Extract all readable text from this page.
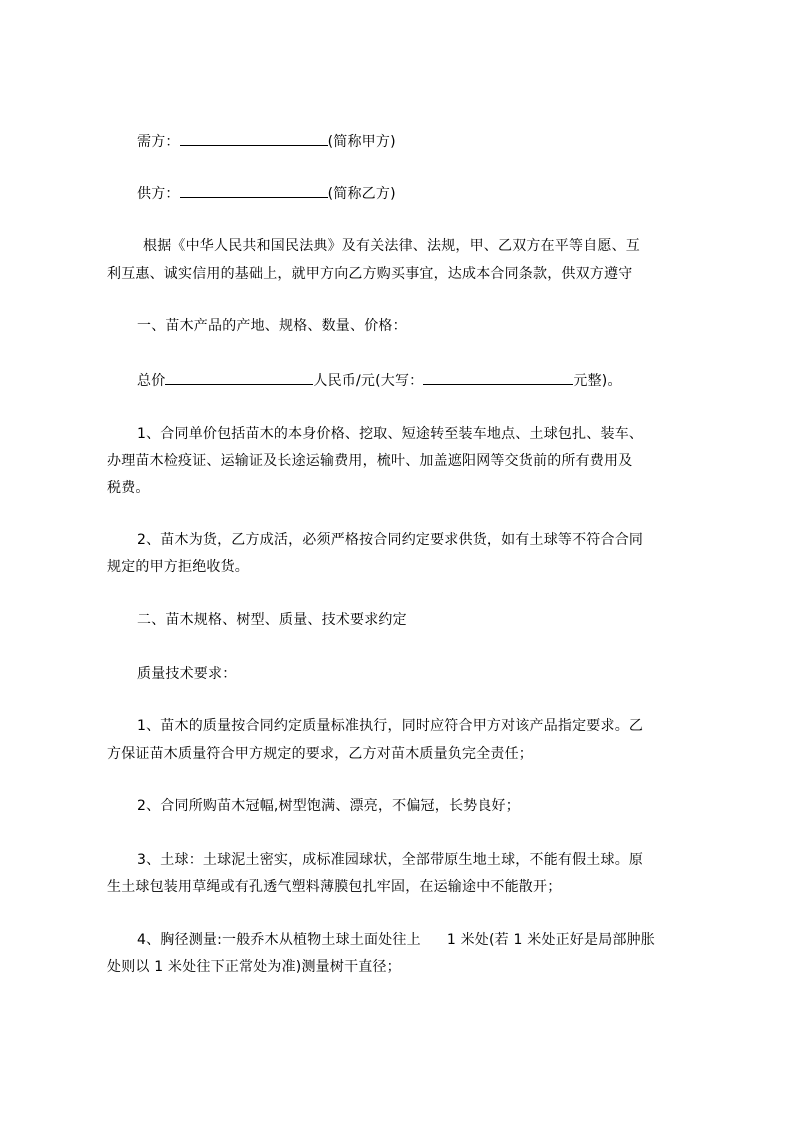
需方：	(简称甲方)
供方：	(简称乙方)
根据《中华人民共和国民法典》及有关法律、法规，甲、乙双方在平等自愿、互
利互惠、诚实信用的基础上，就甲方向乙方购买事宜，达成本合同条款，供双方遵守
一、苗木产品的产地、规格、数量、价格：
总价	人民币/元(大写：	元整)。
1、合同单价包括苗木的本身价格、挖取、短途转至装车地点、土球包扎、装车、
办理苗木检疫证、运输证及长途运输费用，梳叶、加盖遮阳网等交货前的所有费用及
税费。
2、苗木为货，乙方成活，必须严格按合同约定要求供货，如有土球等不符合合同
规定的甲方拒绝收货。
二、苗木规格、树型、质量、技术要求约定
质量技术要求：
1、苗木的质量按合同约定质量标准执行，同时应符合甲方对该产品指定要求。乙
方保证苗木质量符合甲方规定的要求，乙方对苗木质量负完全责任；
2、合同所购苗木冠幅,树型饱满、漂亮，不偏冠，长势良好；
3、土球：土球泥土密实，成标准园球状，全部带原生地土球，不能有假土球。原
生土球包装用草绳或有孔透气塑料薄膜包扎牢固，在运输途中不能散开；
4、胸径测量:一般乔木从植物土球土面处往上 1 米处(若 1 米处正好是局部肿胀
处则以 1 米处往下正常处为准)测量树干直径；
